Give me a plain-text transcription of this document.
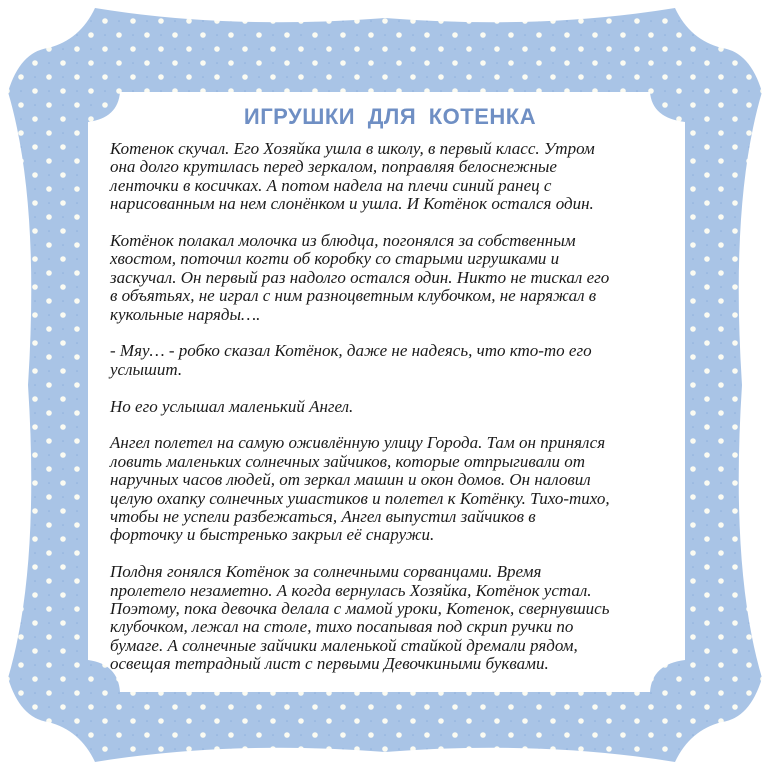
ИГРУШКИ ДЛЯ КОТЕНКА
Котенок скучал. Его Хозяйка ушла в школу, в первый класс. Утром
она долго крутилась перед зеркалом, поправляя белоснежные
ленточки в косичках. А потом надела на плечи синий ранец с
нарисованным на нем слонёнком и ушла. И Котёнок остался один.
Котёнок полакал молочка из блюдца, погонялся за собственным
хвостом, поточил когти об коробку со старыми игрушками и
заскучал. Он первый раз надолго остался один. Никто не тискал его
в объятьях, не играл с ним разноцветным клубочком, не наряжал в
кукольные наряды….
- Мяу… - робко сказал Котёнок, даже не надеясь, что кто-то его
услышит.
Но его услышал маленький Ангел.
Ангел полетел на самую оживлённую улицу Города. Там он принялся
ловить маленьких солнечных зайчиков, которые отпрыгивали от
наручных часов людей, от зеркал машин и окон домов. Он наловил
целую охапку солнечных ушастиков и полетел к Котёнку. Тихо-тихо,
чтобы не успели разбежаться, Ангел выпустил зайчиков в
форточку и быстренько закрыл её снаружи.
Полдня гонялся Котёнок за солнечными сорванцами. Время
пролетело незаметно. А когда вернулась Хозяйка, Котёнок устал.
Поэтому, пока девочка делала с мамой уроки, Котенок, свернувшись
клубочком, лежал на столе, тихо посапывая под скрип ручки по
бумаге. А солнечные зайчики маленькой стайкой дремали рядом,
освещая тетрадный лист с первыми Девочкиными буквами.
